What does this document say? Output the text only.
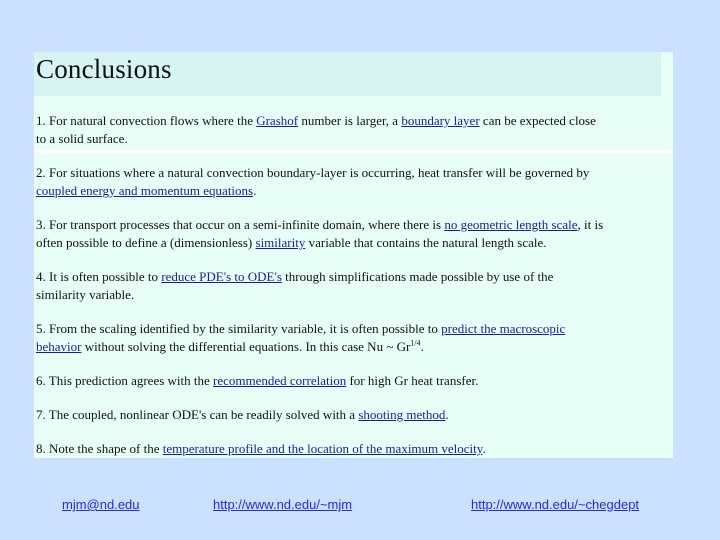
Conclusions
1. For natural convection flows where the Grashof number is larger, a boundary layer can be expected close
to a solid surface.
2. For situations where a natural convection boundary-layer is occurring, heat transfer will be governed by
coupled energy and momentum equations.
3. For transport processes that occur on a semi-infinite domain, where there is no geometric length scale, it is
often possible to define a (dimensionless) similarity variable that contains the natural length scale.
4. It is often possible to reduce PDE's to ODE's through simplifications made possible by use of the
similarity variable.
5. From the scaling identified by the similarity variable, it is often possible to predict the macroscopic
behavior without solving the differential equations. In this case Nu ~ $Gr^{1/4}$.
6. This prediction agrees with the recommended correlation for high Gr heat transfer.
7. The coupled, nonlinear ODE's can be readily solved with a shooting method.
8. Note the shape of the temperature profile and the location of the maximum velocity.
mjm@nd.edu	http://www.nd.edu/~mjm	http://www.nd.edu/~chegdept
